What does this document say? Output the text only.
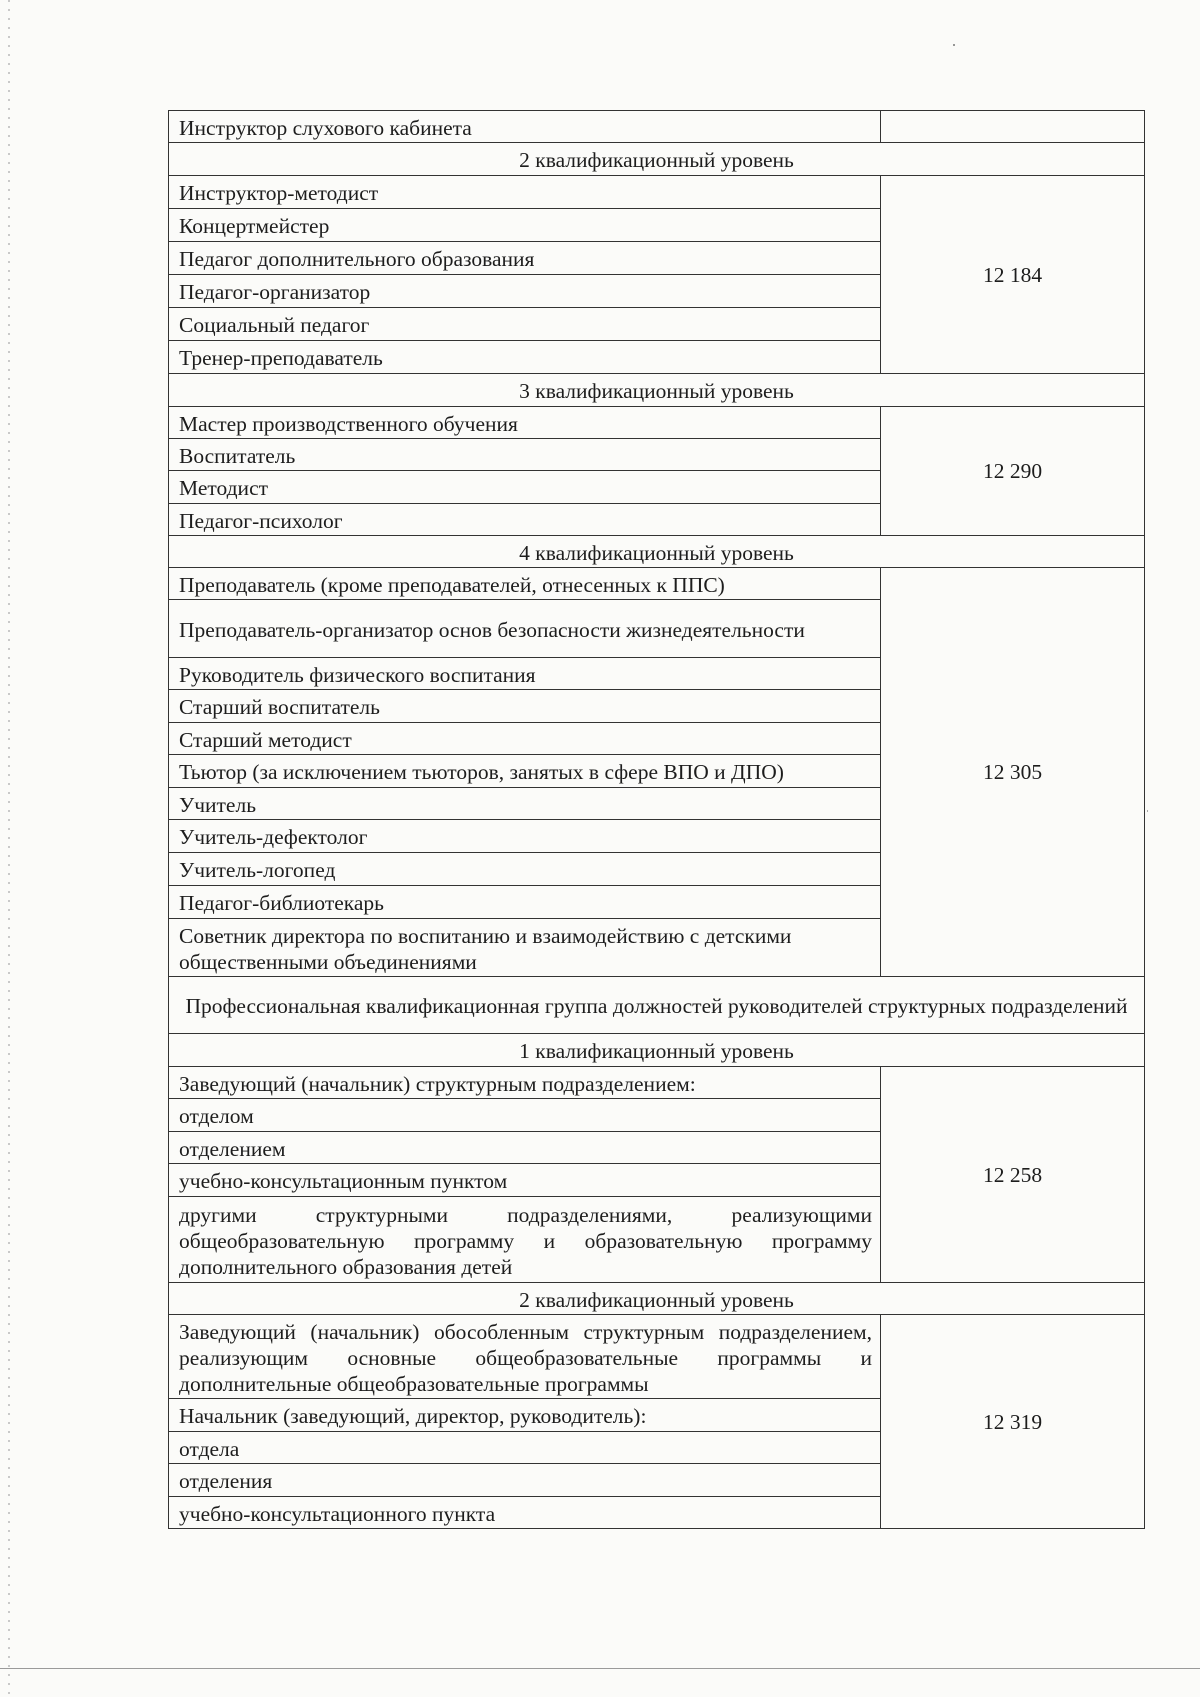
Инструктор слухового кабинета	
2 квалификационный уровень	
Инструктор-методист	12 184
Концертмейстер	
Педагог дополнительного образования	
Педагог-организатор	
Социальный педагог	
Тренер-преподаватель	
3 квалификационный уровень	
Мастер производственного обучения	12 290
Воспитатель	
Методист	
Педагог-психолог	
4 квалификационный уровень	
Преподаватель (кроме преподавателей, отнесенных к ППС)	12 305
Преподаватель-организатор основ безопасности жизнедеятельности	
Руководитель физического воспитания	
Старший воспитатель	
Старший методист	
Тьютор (за исключением тьюторов, занятых в сфере ВПО и ДПО)	
Учитель	
Учитель-дефектолог	
Учитель-логопед	
Педагог-библиотекарь	
Советник директора по воспитанию и взаимодействию с детскими общественными объединениями	
Профессиональная квалификационная группа должностей руководителей структурных подразделений	
1 квалификационный уровень	
Заведующий (начальник) структурным подразделением:	12 258
отделом	
отделением	
учебно-консультационным пунктом	
другими структурными подразделениями, реализующими общеобразовательную программу и образовательную программу дополнительного образования детей	
2 квалификационный уровень	
Заведующий (начальник) обособленным структурным подразделением, реализующим основные общеобразовательные программы и дополнительные общеобразовательные программы	12 319
Начальник (заведующий, директор, руководитель):	
отдела	
отделения	
учебно-консультационного пункта	
